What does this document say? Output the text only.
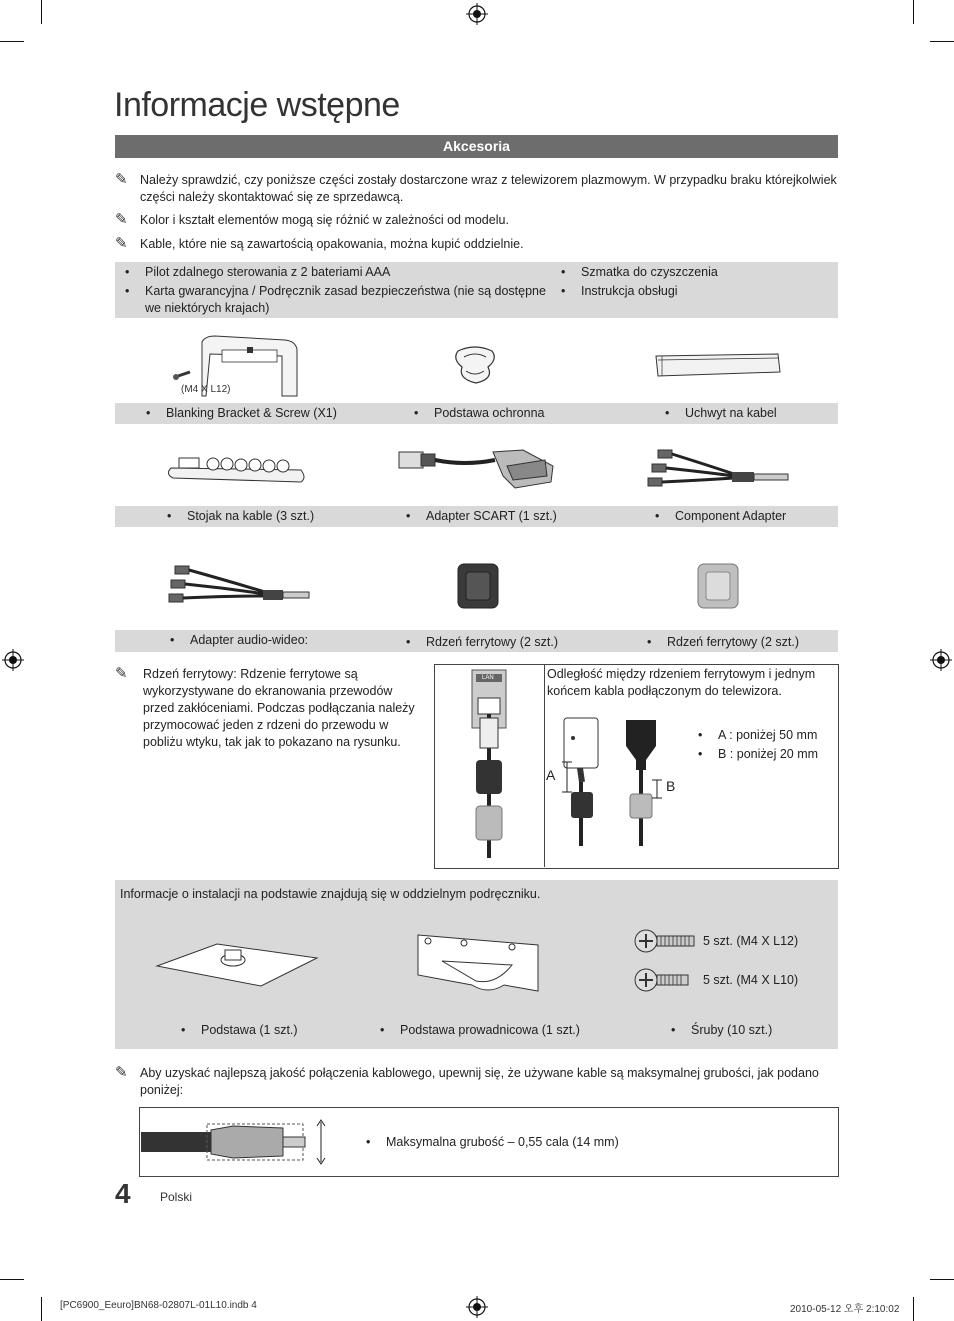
Informacje wstępne
Akcesoria
✎ Należy sprawdzić, czy poniższe części zostały dostarczone wraz z telewizorem plazmowym. W przypadku braku którejkolwiek części należy skontaktować się ze sprzedawcą.
✎ Kolor i kształt elementów mogą się różnić w zależności od modelu.
✎ Kable, które nie są zawartością opakowania, można kupić oddzielnie.
• Pilot zdalnego sterowania z 2 bateriami AAA
• Karta gwarancyjna / Podręcznik zasad bezpieczeństwa (nie są dostępne we niektórych krajach)
• Szmatka do czyszczenia
• Instrukcja obsługi
(M4 X L12)
• Blanking Bracket & Screw (X1)	• Podstawa ochronna	• Uchwyt na kabel
• Stojak na kable (3 szt.)	• Adapter SCART (1 szt.)	• Component Adapter
• Adapter audio-wideo:	• Rdzeń ferrytowy (2 szt.)	• Rdzeń ferrytowy (2 szt.)
✎	Rdzeń ferrytowy: Rdzenie ferrytowe są wykorzystywane do ekranowania przewodów przed zakłóceniami. Podczas podłączania należy przymocować jeden z rdzeni do przewodu w pobliżu wtyku, tak jak to pokazano na rysunku.
LAN	Odległość między rdzeniem ferrytowym i jednym końcem kabla podłączonym do telewizora.
A
B
• A : poniżej 50 mm
• B : poniżej 20 mm
Informacje o instalacji na podstawie znajdują się w oddzielnym podręczniku.
5 szt. (M4 X L12)
5 szt. (M4 X L10)
• Podstawa (1 szt.)	• Podstawa prowadnicowa (1 szt.)	• Śruby (10 szt.)
✎ Aby uzyskać najlepszą jakość połączenia kablowego, upewnij się, że używane kable są maksymalnej grubości, jak podano poniżej:
• Maksymalna grubość – 0,55 cala (14 mm)
4 Polski
[PC6900_Eeuro]BN68-02807L-01L10.indb 4	2010-05-12 오후 2:10:02
